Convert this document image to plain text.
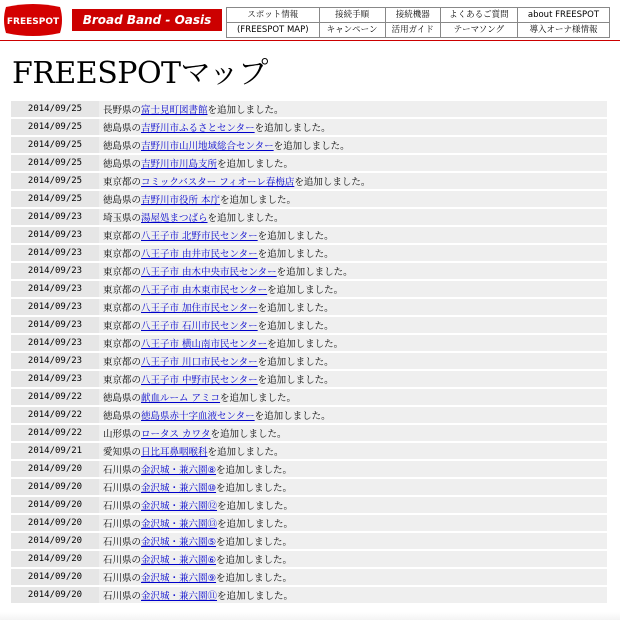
FREESPOT	Broad Band - Oasis	スポット情報	接続手順	接続機器	よくあるご質問	about FREESPOT
(FREESPOT MAP)	キャンペーン	活用ガイド	テーマソング	導入オーナ様情報
FREESPOTマップ
2014/09/25	長野県の富士見町図書館を追加しました。
2014/09/25	徳島県の吉野川市ふるさとセンターを追加しました。
2014/09/25	徳島県の吉野川市山川地域総合センターを追加しました。
2014/09/25	徳島県の吉野川市川島支所を追加しました。
2014/09/25	東京都のコミックバスター フィオーレ春梅店を追加しました。
2014/09/25	徳島県の吉野川市役所 本庁を追加しました。
2014/09/23	埼玉県の湯屋処まつばらを追加しました。
2014/09/23	東京都の八王子市 北野市民センターを追加しました。
2014/09/23	東京都の八王子市 由井市民センターを追加しました。
2014/09/23	東京都の八王子市 由木中央市民センターを追加しました。
2014/09/23	東京都の八王子市 由木東市民センターを追加しました。
2014/09/23	東京都の八王子市 加住市民センターを追加しました。
2014/09/23	東京都の八王子市 石川市民センターを追加しました。
2014/09/23	東京都の八王子市 横山南市民センターを追加しました。
2014/09/23	東京都の八王子市 川口市民センターを追加しました。
2014/09/23	東京都の八王子市 中野市民センターを追加しました。
2014/09/22	徳島県の献血ルーム アミコを追加しました。
2014/09/22	徳島県の徳島県赤十字血液センターを追加しました。
2014/09/22	山形県のロータス カワタを追加しました。
2014/09/21	愛知県の日比耳鼻咽喉科を追加しました。
2014/09/20	石川県の金沢城・兼六園⑧を追加しました。
2014/09/20	石川県の金沢城・兼六園⑩を追加しました。
2014/09/20	石川県の金沢城・兼六園⑫を追加しました。
2014/09/20	石川県の金沢城・兼六園⑬を追加しました。
2014/09/20	石川県の金沢城・兼六園⑤を追加しました。
2014/09/20	石川県の金沢城・兼六園⑥を追加しました。
2014/09/20	石川県の金沢城・兼六園⑨を追加しました。
2014/09/20	石川県の金沢城・兼六園⑪を追加しました。
